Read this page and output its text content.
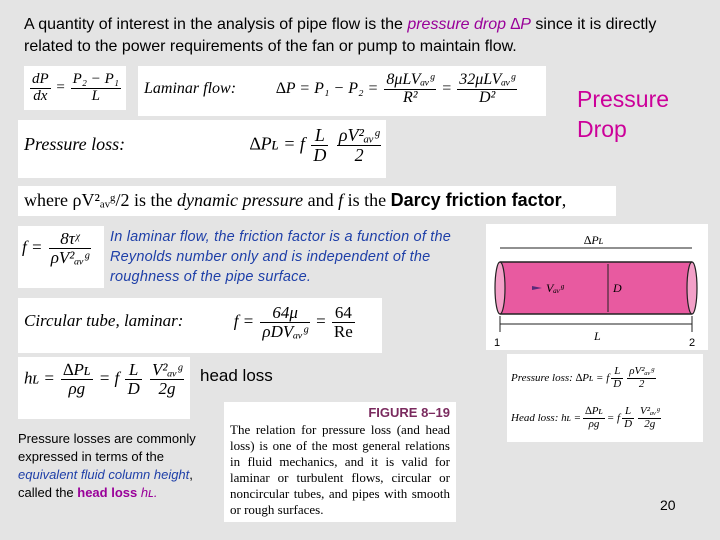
A quantity of interest in the analysis of pipe flow is the pressure drop ∆P since it is directly related to the power requirements of the fan or pump to maintain flow.
Pressure Drop
$\frac{dP}{dx} = \frac{\text{P₂ − P₁}}{L}$	Laminar flow:	$\Delta P = P_1 - P_2 = \frac{\text{8μLVₐᵥᵍ}}{\text{R²}} = \frac{\text{32μLVₐᵥᵍ}}{\text{D²}}$
Pressure loss:	∆Pʟ = f $\frac{L}{D}$
$\frac{\text{ρV²ₐᵥᵍ}}{2}$
where ρV²ₐᵥᵍ/2 is the dynamic pressure and f is the Darcy friction factor,
$f = \frac{\text{8τᵡ}}{\text{ρV²ₐᵥᵍ}}$ In laminar flow, the friction factor is a function of the Reynolds number only and is independent of the roughness of the pipe surface.
Circular tube, laminar:	$f = \frac{64\mu}{\text{ρDVₐᵥᵍ}} = \frac{64}{Re}$
hʟ = $\frac{\text{∆Pʟ}}{\rho g} = f \frac{L}{D}$
$\frac{\text{V²ₐᵥᵍ}}{2g}$ head loss
Pressure losses are commonly expressed in terms of the equivalent fluid column height, called the head loss hʟ.
∆Pʟ
Vₐᵥᵍ	D
L
1	2
Pressure loss: ∆Pʟ = f $\frac{L}{D} \frac{\text{ρV²ₐᵥᵍ}}{2}$
Head loss: hʟ = $\frac{\text{∆Pʟ}}{\rho g} = f \frac{L}{D} \frac{\text{V²ₐᵥᵍ}}{2g}$
FIGURE 8–19
The relation for pressure loss (and head loss) is one of the most general relations in fluid mechanics, and it is valid for laminar or turbulent flows, circular or noncircular tubes, and pipes with smooth or rough surfaces.	20
